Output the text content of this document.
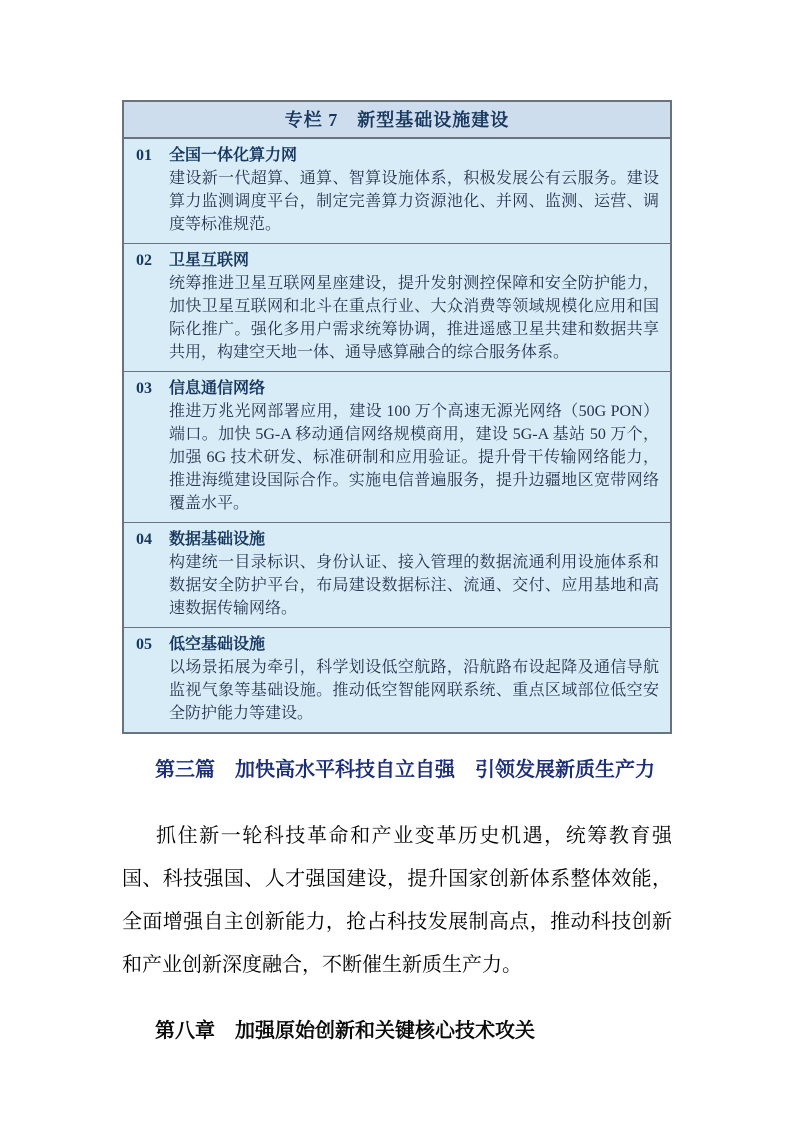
专栏 7　新型基础设施建设
01	全国一体化算力网
建设新一代超算、通算、智算设施体系，积极发展公有云服务。建设算力监测调度平台，制定完善算力资源池化、并网、监测、运营、调度等标准规范。
02	卫星互联网
统筹推进卫星互联网星座建设，提升发射测控保障和安全防护能力，加快卫星互联网和北斗在重点行业、大众消费等领域规模化应用和国际化推广。强化多用户需求统筹协调，推进遥感卫星共建和数据共享共用，构建空天地一体、通导感算融合的综合服务体系。
03	信息通信网络
推进万兆光网部署应用，建设 100 万个高速无源光网络（50G PON）端口。加快 5G‑A 移动通信网络规模商用，建设 5G‑A 基站 50 万个，加强 6G 技术研发、标准研制和应用验证。提升骨干传输网络能力，推进海缆建设国际合作。实施电信普遍服务，提升边疆地区宽带网络覆盖水平。
04	数据基础设施
构建统一目录标识、身份认证、接入管理的数据流通利用设施体系和数据安全防护平台，布局建设数据标注、流通、交付、应用基地和高速数据传输网络。
05	低空基础设施
以场景拓展为牵引，科学划设低空航路，沿航路布设起降及通信导航监视气象等基础设施。推动低空智能网联系统、重点区域部位低空安全防护能力等建设。
第三篇　加快高水平科技自立自强　引领发展新质生产力
抓住新一轮科技革命和产业变革历史机遇，统筹教育强国、科技强国、人才强国建设，提升国家创新体系整体效能，全面增强自主创新能力，抢占科技发展制高点，推动科技创新和产业创新深度融合，不断催生新质生产力。
第八章　加强原始创新和关键核心技术攻关
